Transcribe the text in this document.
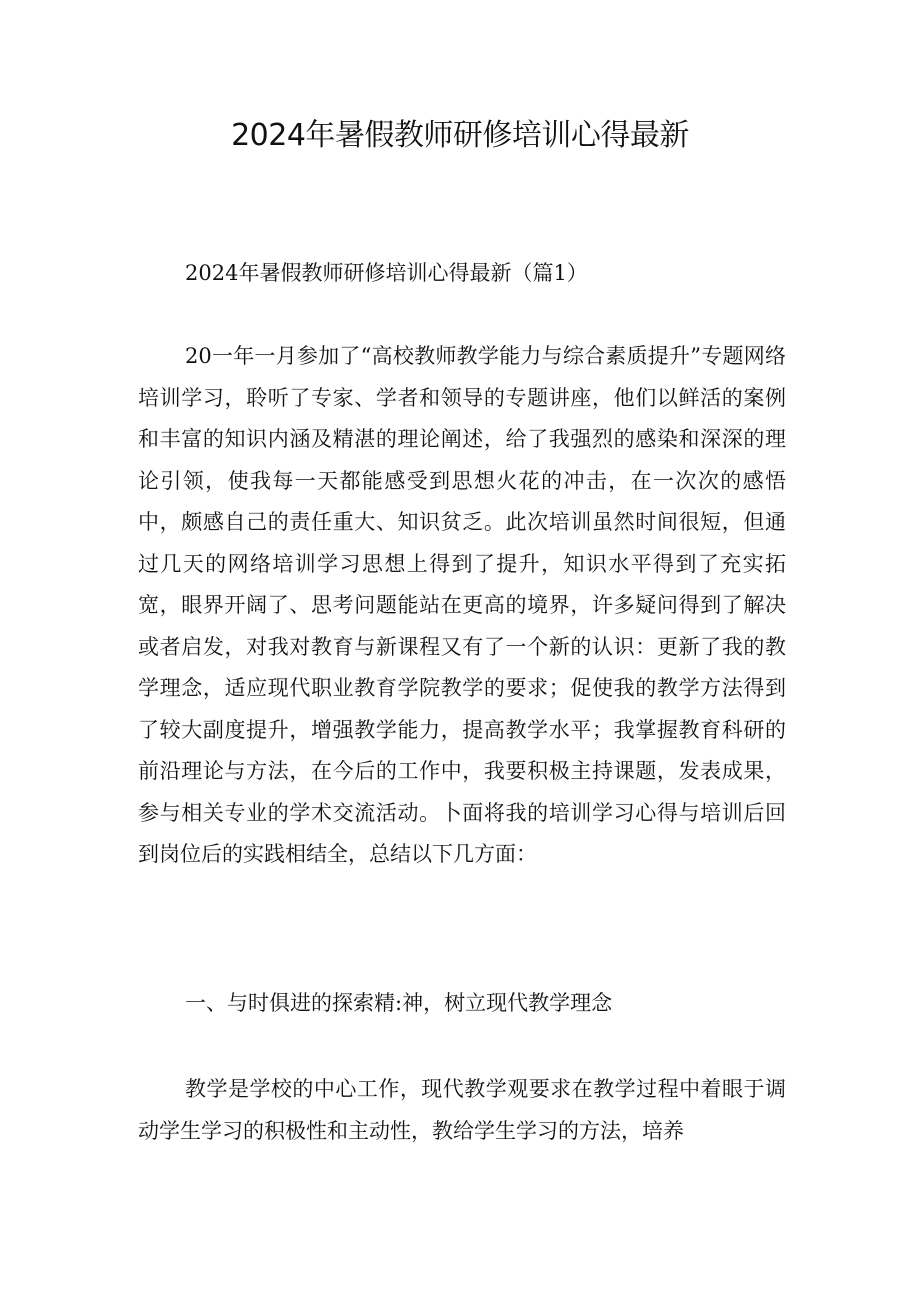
2024年暑假教师研修培训心得最新

2024年暑假教师研修培训心得最新（篇1）

20一年一月参加了“高校教师教学能力与综合素质提升”专题网络培训学习，聆听了专家、学者和领导的专题讲座，他们以鲜活的案例和丰富的知识内涵及精湛的理论阐述，给了我强烈的感染和深深的理论引领，使我每一天都能感受到思想火花的冲击，在一次次的感悟中，颇感自己的责任重大、知识贫乏。此次培训虽然时间很短，但通过几天的网络培训学习思想上得到了提升，知识水平得到了充实拓宽，眼界开阔了、思考问题能站在更高的境界，许多疑问得到了解决或者启发，对我对教育与新课程又有了一个新的认识：更新了我的教学理念，适应现代职业教育学院教学的要求；促使我的教学方法得到了较大副度提升，增强教学能力，提高教学水平；我掌握教育科研的前沿理论与方法，在今后的工作中，我要积极主持课题，发表成果，参与相关专业的学术交流活动。卜面将我的培训学习心得与培训后回到岗位后的实践相结全，总结以下几方面：

一、与时俱进的探索精:神，树立现代教学理念

教学是学校的中心工作，现代教学观要求在教学过程中着眼于调动学生学习的积极性和主动性，教给学生学习的方法，培养
